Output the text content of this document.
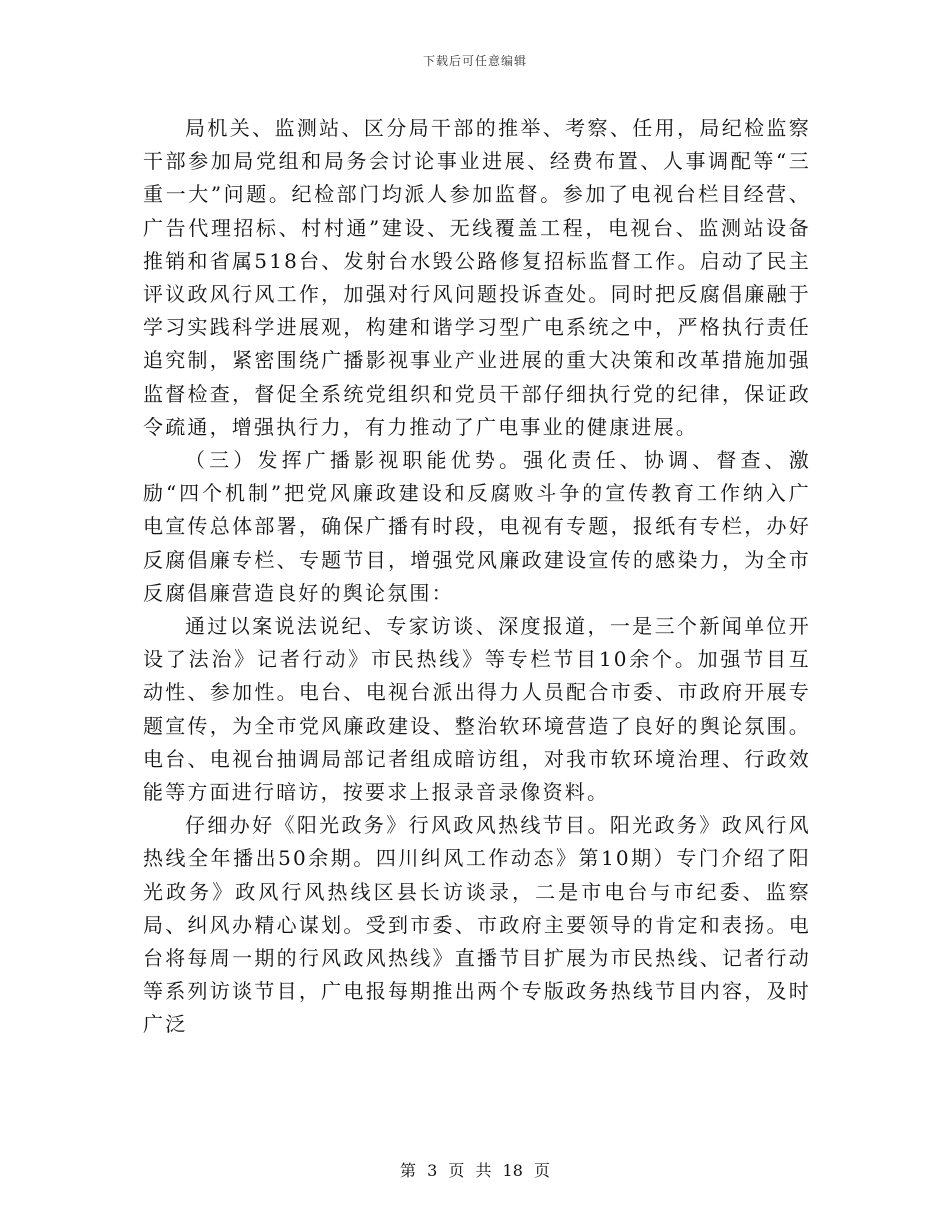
下载后可任意编辑

局机关、监测站、区分局干部的推举、考察、任用，局纪检监察干部参加局党组和局务会讨论事业进展、经费布置、人事调配等“三重一大”问题。纪检部门均派人参加监督。参加了电视台栏目经营、广告代理招标、村村通”建设、无线覆盖工程，电视台、监测站设备推销和省属518台、发射台水毁公路修复招标监督工作。启动了民主评议政风行风工作，加强对行风问题投诉查处。同时把反腐倡廉融于学习实践科学进展观，构建和谐学习型广电系统之中，严格执行责任追究制，紧密围绕广播影视事业产业进展的重大决策和改革措施加强监督检查，督促全系统党组织和党员干部仔细执行党的纪律，保证政令疏通，增强执行力，有力推动了广电事业的健康进展。

（三）发挥广播影视职能优势。强化责任、协调、督查、激励“四个机制”把党风廉政建设和反腐败斗争的宣传教育工作纳入广电宣传总体部署，确保广播有时段，电视有专题，报纸有专栏，办好反腐倡廉专栏、专题节目，增强党风廉政建设宣传的感染力，为全市反腐倡廉营造良好的舆论氛围：

通过以案说法说纪、专家访谈、深度报道，一是三个新闻单位开设了法治》记者行动》市民热线》等专栏节目10余个。加强节目互动性、参加性。电台、电视台派出得力人员配合市委、市政府开展专题宣传，为全市党风廉政建设、整治软环境营造了良好的舆论氛围。电台、电视台抽调局部记者组成暗访组，对我市软环境治理、行政效能等方面进行暗访，按要求上报录音录像资料。

仔细办好《阳光政务》行风政风热线节目。阳光政务》政风行风热线全年播出50余期。四川纠风工作动态》第10期）专门介绍了阳光政务》政风行风热线区县长访谈录，二是市电台与市纪委、监察局、纠风办精心谋划。受到市委、市政府主要领导的肯定和表扬。电台将每周一期的行风政风热线》直播节目扩展为市民热线、记者行动等系列访谈节目，广电报每期推出两个专版政务热线节目内容，及时广泛

第 3 页 共 18 页
